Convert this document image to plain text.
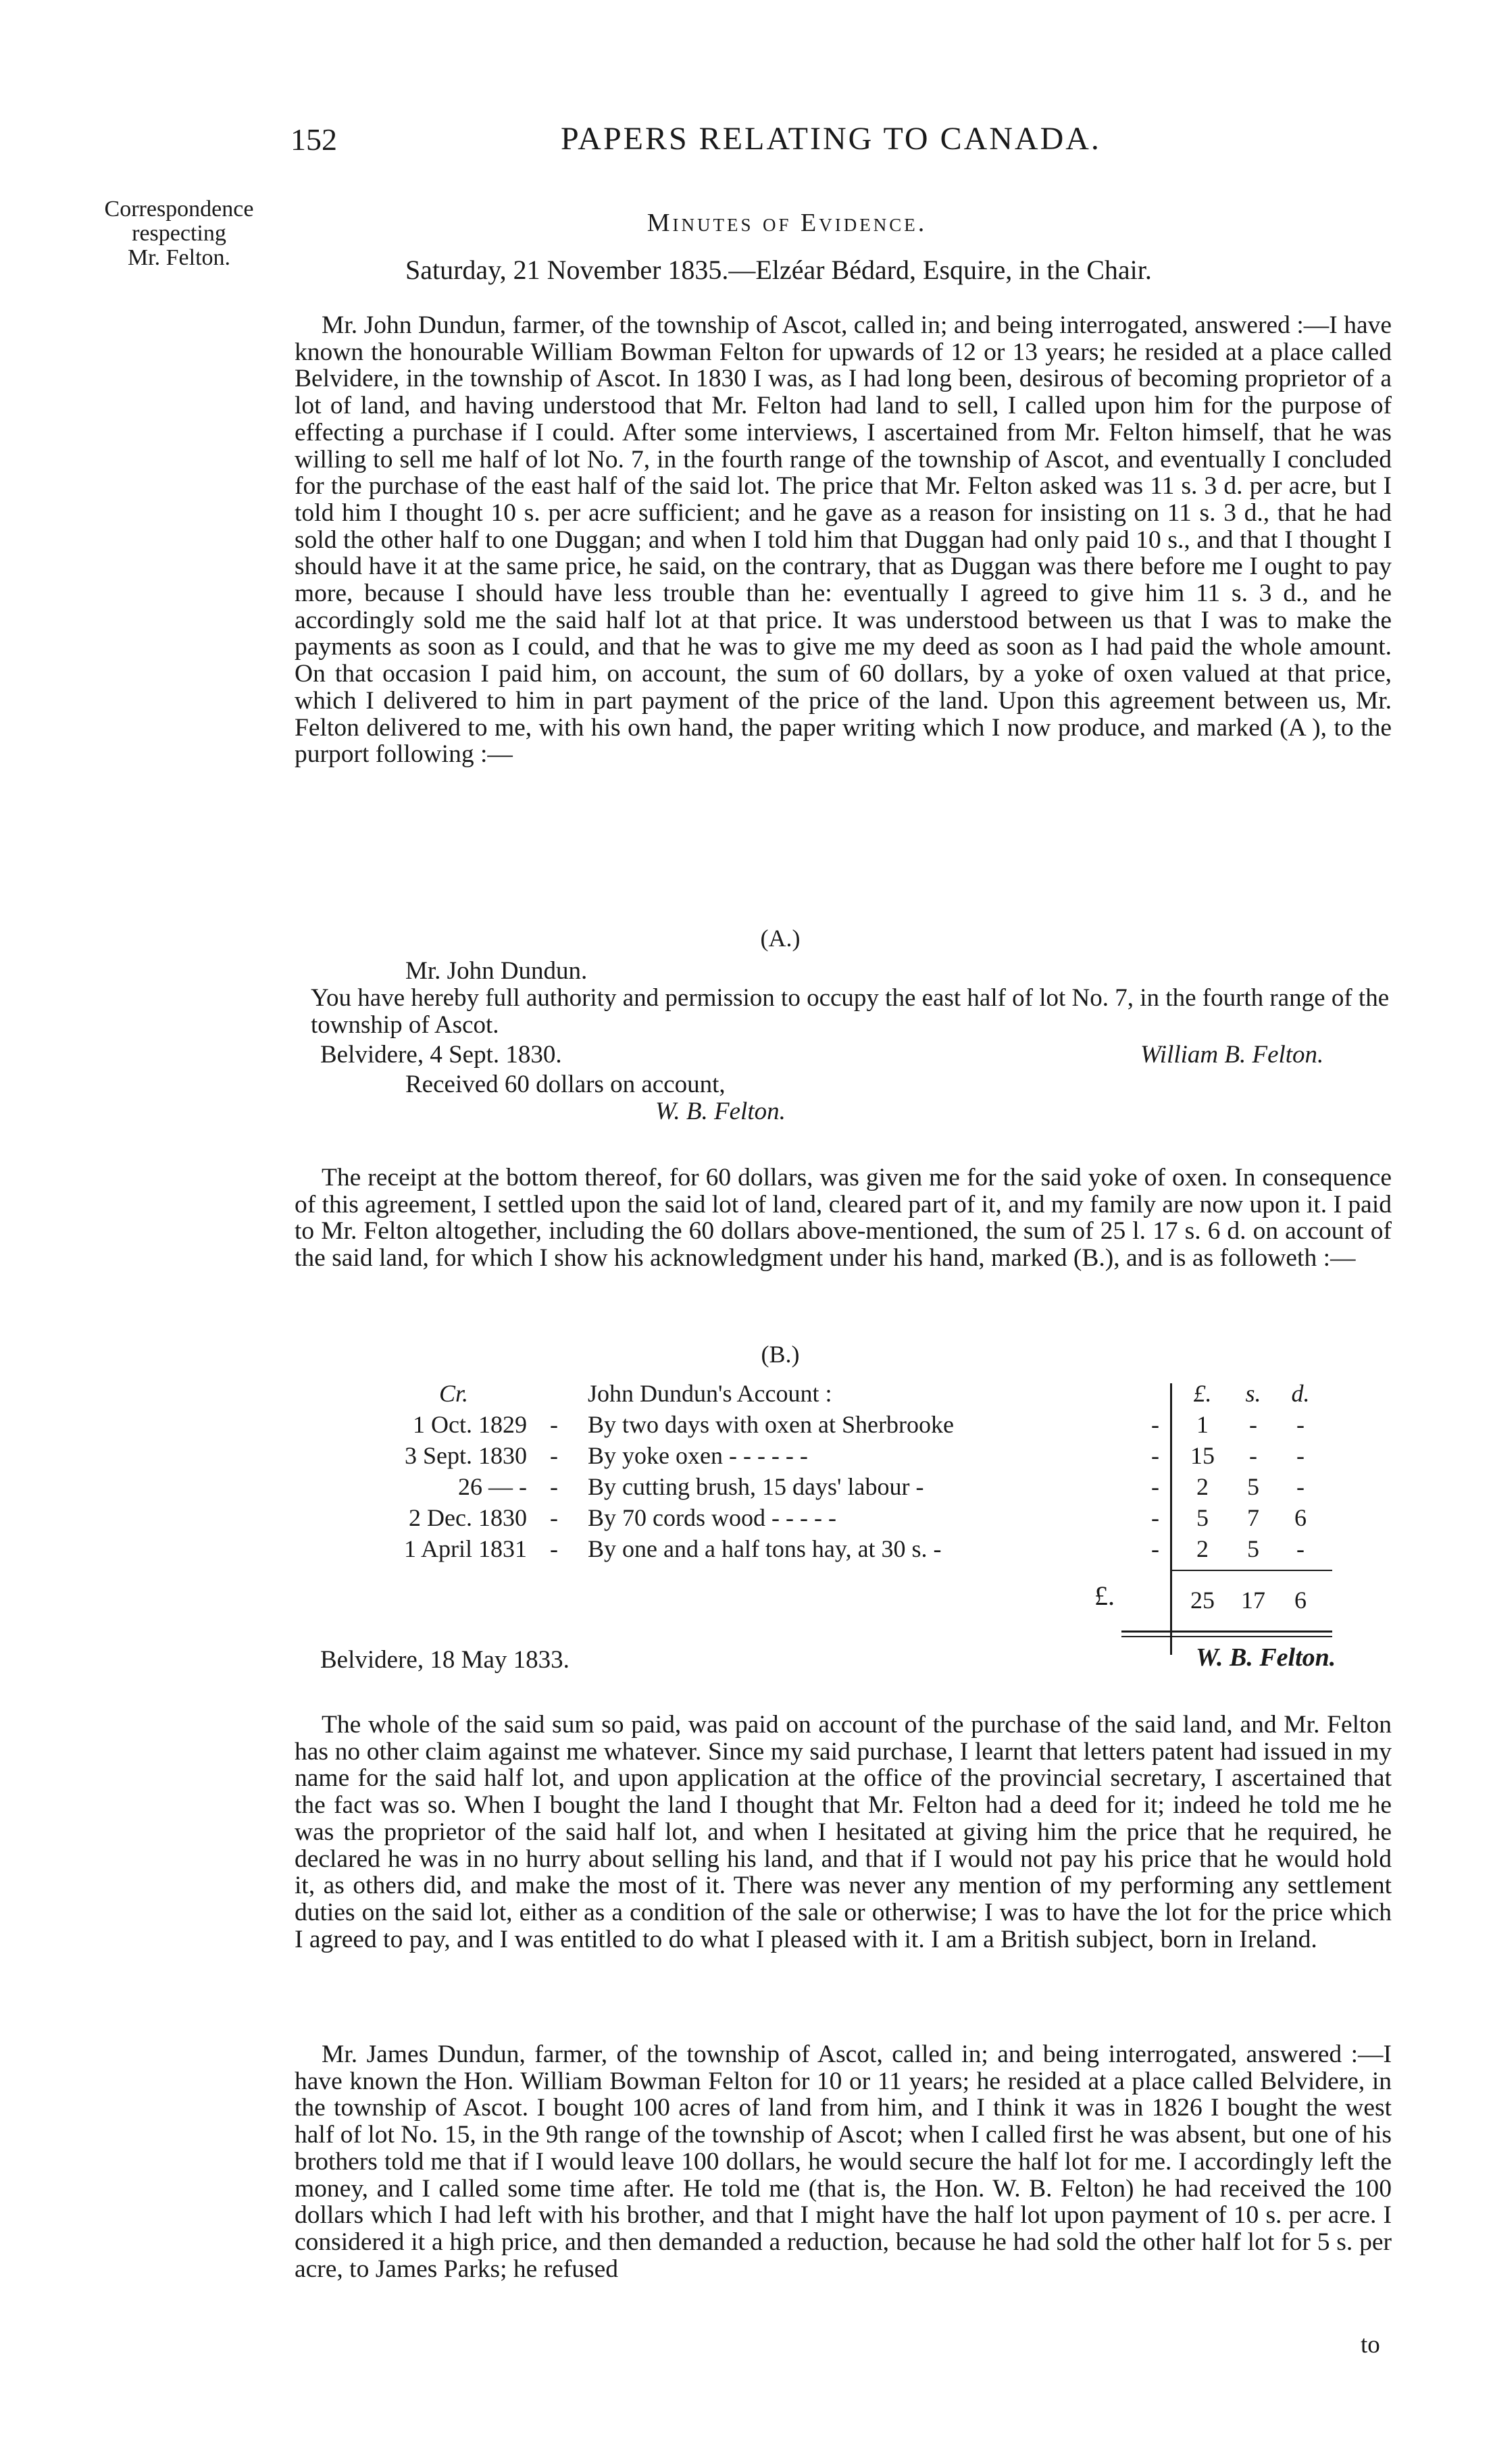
152	PAPERS RELATING TO CANADA.
Correspondence
respecting
Mr. Felton.
Minutes of Evidence.
Saturday, 21 November 1835.—Elzéar Bédard, Esquire, in the Chair.

Mr. John Dundun, farmer, of the township of Ascot, called in; and being interrogated, answered :—I have known the honourable William Bowman Felton for upwards of 12 or 13 years; he resided at a place called Belvidere, in the township of Ascot. In 1830 I was, as I had long been, desirous of becoming proprietor of a lot of land, and having understood that Mr. Felton had land to sell, I called upon him for the purpose of effecting a purchase if I could. After some interviews, I ascertained from Mr. Felton himself, that he was willing to sell me half of lot No. 7, in the fourth range of the township of Ascot, and eventually I concluded for the purchase of the east half of the said lot. The price that Mr. Felton asked was 11 s. 3 d. per acre, but I told him I thought 10 s. per acre sufficient; and he gave as a reason for insisting on 11 s. 3 d., that he had sold the other half to one Duggan; and when I told him that Duggan had only paid 10 s., and that I thought I should have it at the same price, he said, on the contrary, that as Duggan was there before me I ought to pay more, because I should have less trouble than he: eventually I agreed to give him 11 s. 3 d., and he accordingly sold me the said half lot at that price. It was understood between us that I was to make the payments as soon as I could, and that he was to give me my deed as soon as I had paid the whole amount. On that occasion I paid him, on account, the sum of 60 dollars, by a yoke of oxen valued at that price, which I delivered to him in part payment of the price of the land. Upon this agreement between us, Mr. Felton delivered to me, with his own hand, the paper writing which I now produce, and marked (A ), to the purport following :—

(A.)
Mr. John Dundun.
You have hereby full authority and permission to occupy the east half of lot No. 7, in the fourth range of the township of Ascot.
Belvidere, 4 Sept. 1830.	William B. Felton.
Received 60 dollars on account,
W. B. Felton.

The receipt at the bottom thereof, for 60 dollars, was given me for the said yoke of oxen. In consequence of this agreement, I settled upon the said lot of land, cleared part of it, and my family are now upon it. I paid to Mr. Felton altogether, including the 60 dollars above-mentioned, the sum of 25 l. 17 s. 6 d. on account of the said land, for which I show his acknowledgment under his hand, marked (B.), and is as followeth :—

(B.)
Cr.	John Dundun's Account :	£.	s.	d.
1 Oct. 1829 -	By two days with oxen at Sherbrooke	-	1	-	-
3 Sept. 1830 -	By yoke oxen - - - - - -	-	15	-	-
26 — - -	By cutting brush, 15 days' labour -	-	2	5	-
2 Dec. 1830 -	By 70 cords wood - - - - -	-	5	7	6
1 April 1831 -	By one and a half tons hay, at 30 s. -	-	2	5	-
£.	25	17	6
Belvidere, 18 May 1833.	W. B. Felton.

The whole of the said sum so paid, was paid on account of the purchase of the said land, and Mr. Felton has no other claim against me whatever. Since my said purchase, I learnt that letters patent had issued in my name for the said half lot, and upon application at the office of the provincial secretary, I ascertained that the fact was so. When I bought the land I thought that Mr. Felton had a deed for it; indeed he told me he was the proprietor of the said half lot, and when I hesitated at giving him the price that he required, he declared he was in no hurry about selling his land, and that if I would not pay his price that he would hold it, as others did, and make the most of it. There was never any mention of my performing any settlement duties on the said lot, either as a condition of the sale or otherwise; I was to have the lot for the price which I agreed to pay, and I was entitled to do what I pleased with it. I am a British subject, born in Ireland.

Mr. James Dundun, farmer, of the township of Ascot, called in; and being interrogated, answered :—I have known the Hon. William Bowman Felton for 10 or 11 years; he resided at a place called Belvidere, in the township of Ascot. I bought 100 acres of land from him, and I think it was in 1826 I bought the west half of lot No. 15, in the 9th range of the township of Ascot; when I called first he was absent, but one of his brothers told me that if I would leave 100 dollars, he would secure the half lot for me. I accordingly left the money, and I called some time after. He told me (that is, the Hon. W. B. Felton) he had received the 100 dollars which I had left with his brother, and that I might have the half lot upon payment of 10 s. per acre. I considered it a high price, and then demanded a reduction, because he had sold the other half lot for 5 s. per acre, to James Parks; he refused

to
